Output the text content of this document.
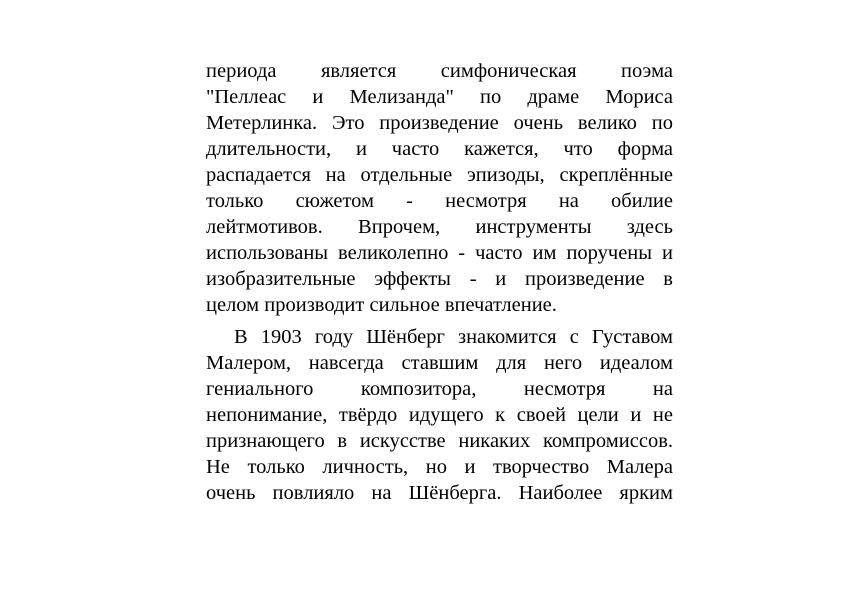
периода является симфоническая поэма
"Пеллеас и Мелизанда" по драме Мориса
Метерлинка. Это произведение очень велико по
длительности, и часто кажется, что форма
распадается на отдельные эпизоды, скреплённые
только сюжетом - несмотря на обилие
лейтмотивов. Впрочем, инструменты здесь
использованы великолепно - часто им поручены и
изобразительные эффекты - и произведение в
целом производит сильное впечатление.
В 1903 году Шёнберг знакомится с Густавом
Малером, навсегда ставшим для него идеалом
гениального композитора, несмотря на
непонимание, твёрдо идущего к своей цели и не
признающего в искусстве никаких компромиссов.
Не только личность, но и творчество Малера
очень повлияло на Шёнберга. Наиболее ярким
